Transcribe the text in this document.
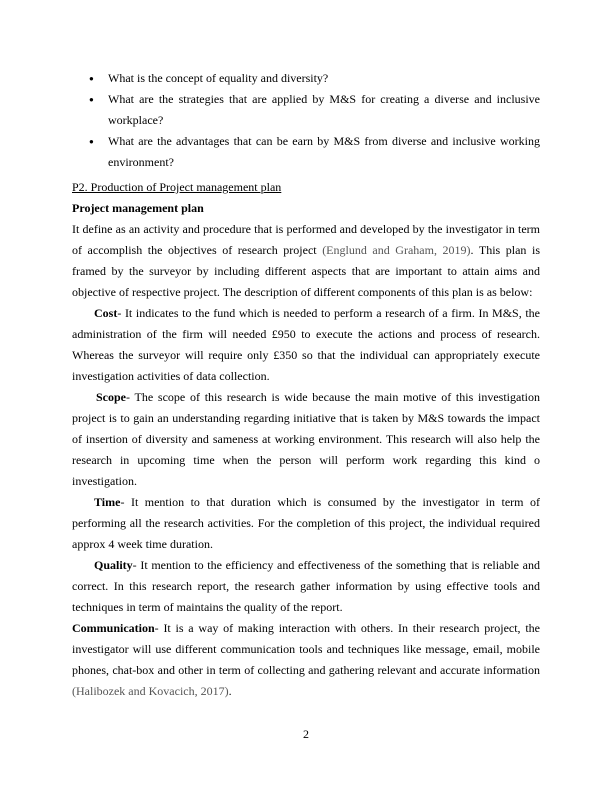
● What is the concept of equality and diversity?
● What are the strategies that are applied by M&S for creating a diverse and inclusive workplace?
● What are the advantages that can be earn by M&S from diverse and inclusive working environment?

P2. Production of Project management plan

Project management plan

It define as an activity and procedure that is performed and developed by the investigator in term of accomplish the objectives of research project (Englund and Graham, 2019). This plan is framed by the surveyor by including different aspects that are important to attain aims and objective of respective project. The description of different components of this plan is as below:

Cost- It indicates to the fund which is needed to perform a research of a firm. In M&S, the administration of the firm will needed £950 to execute the actions and process of research. Whereas the surveyor will require only £350 so that the individual can appropriately execute investigation activities of data collection.

Scope- The scope of this research is wide because the main motive of this investigation project is to gain an understanding regarding initiative that is taken by M&S towards the impact of insertion of diversity and sameness at working environment. This research will also help the research in upcoming time when the person will perform work regarding this kind o investigation.

Time- It mention to that duration which is consumed by the investigator in term of performing all the research activities. For the completion of this project, the individual required approx 4 week time duration.

Quality- It mention to the efficiency and effectiveness of the something that is reliable and correct. In this research report, the research gather information by using effective tools and techniques in term of maintains the quality of the report.

Communication- It is a way of making interaction with others. In their research project, the investigator will use different communication tools and techniques like message, email, mobile phones, chat-box and other in term of collecting and gathering relevant and accurate information (Halibozek and Kovacich, 2017).

2
